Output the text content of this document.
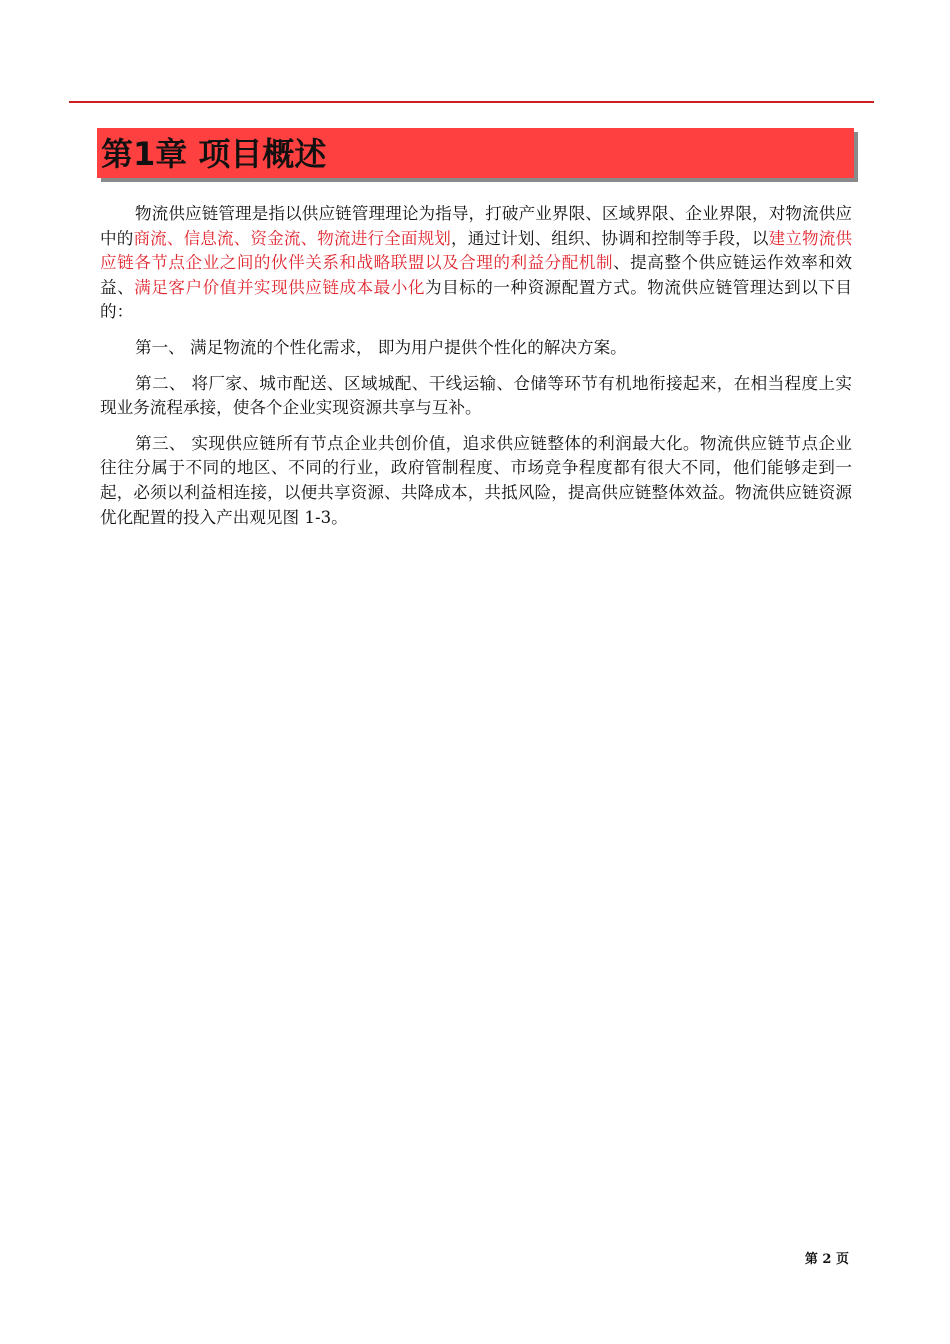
第1章 项目概述

物流供应链管理是指以供应链管理理论为指导，打破产业界限、区域界限、企业界限，对物流供应中的商流、信息流、资金流、物流进行全面规划，通过计划、组织、协调和控制等手段，以建立物流供应链各节点企业之间的伙伴关系和战略联盟以及合理的利益分配机制、提高整个供应链运作效率和效益、满足客户价值并实现供应链成本最小化为目标的一种资源配置方式。物流供应链管理达到以下目的：

第一、 满足物流的个性化需求， 即为用户提供个性化的解决方案。

第二、 将厂家、城市配送、区域城配、干线运输、仓储等环节有机地衔接起来，在相当程度上实现业务流程承接，使各个企业实现资源共享与互补。

第三、 实现供应链所有节点企业共创价值，追求供应链整体的利润最大化。物流供应链节点企业往往分属于不同的地区、不同的行业，政府管制程度、市场竞争程度都有很大不同，他们能够走到一起，必须以利益相连接，以便共享资源、共降成本，共抵风险，提高供应链整体效益。物流供应链资源优化配置的投入产出观见图 1-3。

第 2 页
